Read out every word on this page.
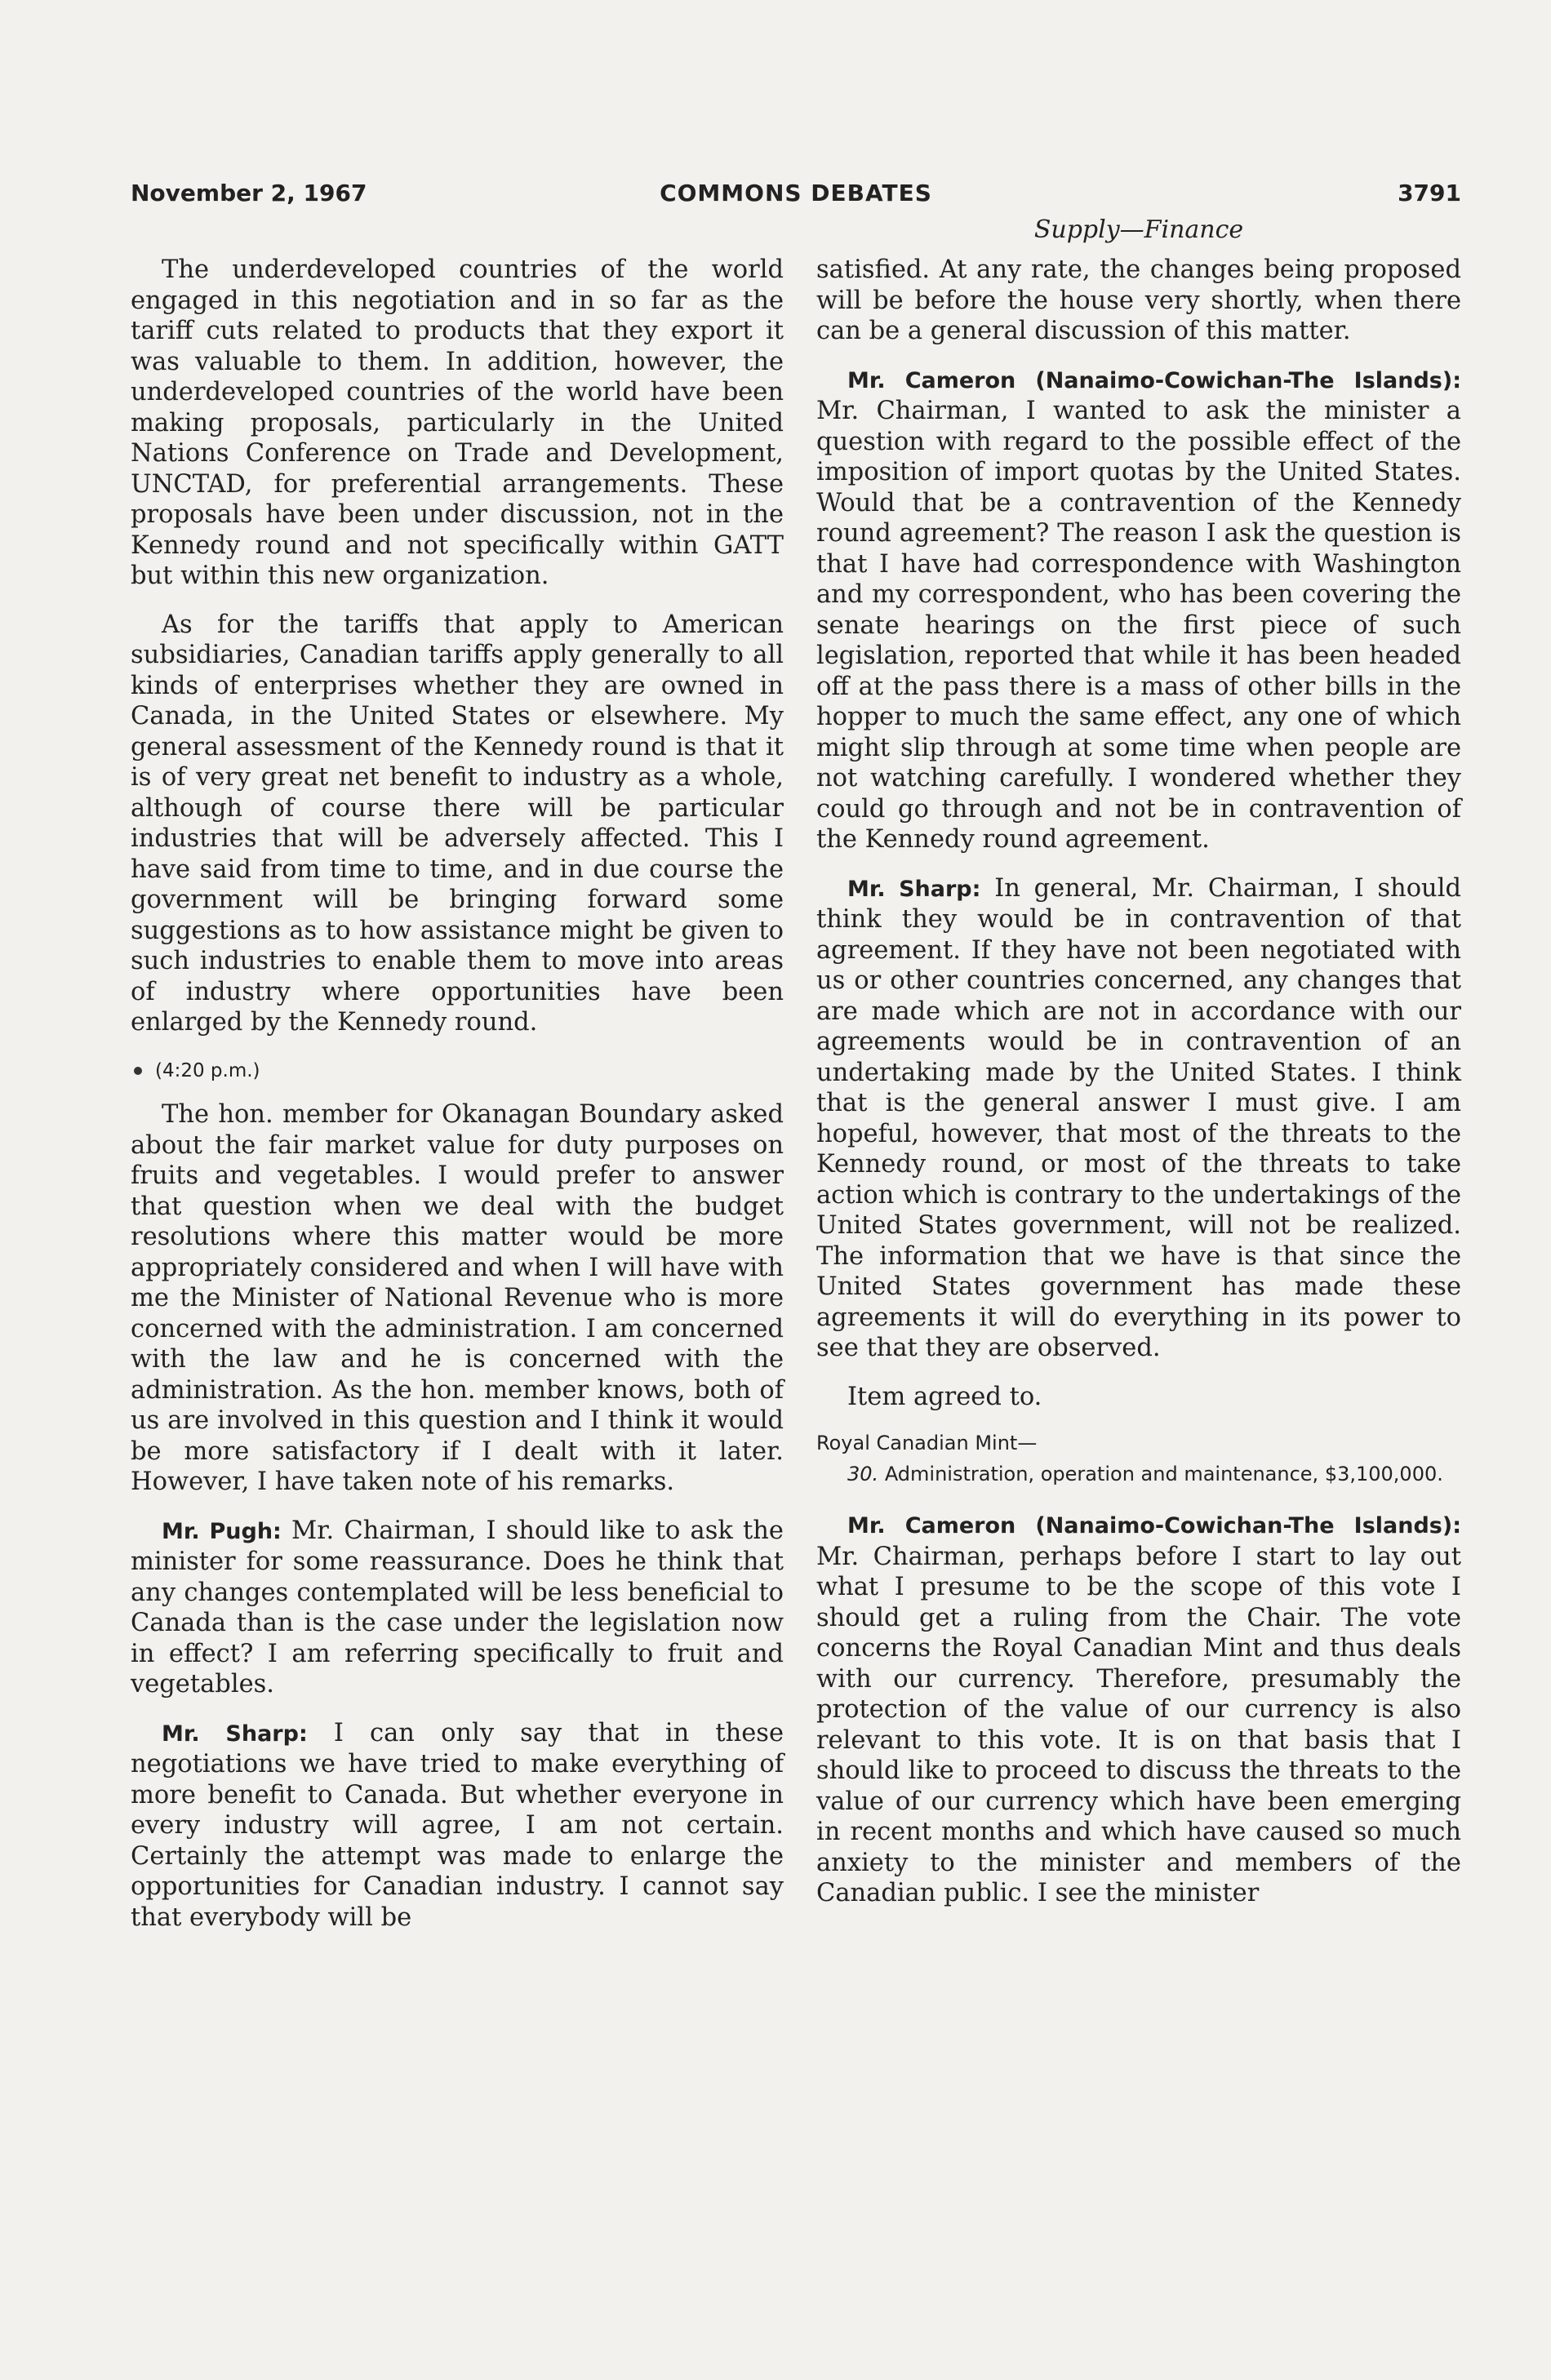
November 2, 1967	COMMONS DEBATES	3791
Supply—Finance

The underdeveloped countries of the world engaged in this negotiation and in so far as the tariff cuts related to products that they export it was valuable to them. In addition, however, the underdeveloped countries of the world have been making proposals, particularly in the United Nations Conference on Trade and Development, UNCTAD, for preferential arrangements. These proposals have been under discussion, not in the Kennedy round and not specifically within GATT but within this new organization.

As for the tariffs that apply to American subsidiaries, Canadian tariffs apply generally to all kinds of enterprises whether they are owned in Canada, in the United States or elsewhere. My general assessment of the Kennedy round is that it is of very great net benefit to industry as a whole, although of course there will be particular industries that will be adversely affected. This I have said from time to time, and in due course the government will be bringing forward some suggestions as to how assistance might be given to such industries to enable them to move into areas of industry where opportunities have been enlarged by the Kennedy round.

(4:20 p.m.)

The hon. member for Okanagan Boundary asked about the fair market value for duty purposes on fruits and vegetables. I would prefer to answer that question when we deal with the budget resolutions where this matter would be more appropriately considered and when I will have with me the Minister of National Revenue who is more concerned with the administration. I am concerned with the law and he is concerned with the administration. As the hon. member knows, both of us are involved in this question and I think it would be more satisfactory if I dealt with it later. However, I have taken note of his remarks.

Mr. Pugh: Mr. Chairman, I should like to ask the minister for some reassurance. Does he think that any changes contemplated will be less beneficial to Canada than is the case under the legislation now in effect? I am referring specifically to fruit and vegetables.

Mr. Sharp: I can only say that in these negotiations we have tried to make everything of more benefit to Canada. But whether everyone in every industry will agree, I am not certain. Certainly the attempt was made to enlarge the opportunities for Canadian industry. I cannot say that everybody will be

satisfied. At any rate, the changes being proposed will be before the house very shortly, when there can be a general discussion of this matter.

Mr. Cameron (Nanaimo-Cowichan-The Islands): Mr. Chairman, I wanted to ask the minister a question with regard to the possible effect of the imposition of import quotas by the United States. Would that be a contravention of the Kennedy round agreement? The reason I ask the question is that I have had correspondence with Washington and my correspondent, who has been covering the senate hearings on the first piece of such legislation, reported that while it has been headed off at the pass there is a mass of other bills in the hopper to much the same effect, any one of which might slip through at some time when people are not watching carefully. I wondered whether they could go through and not be in contravention of the Kennedy round agreement.

Mr. Sharp: In general, Mr. Chairman, I should think they would be in contravention of that agreement. If they have not been negotiated with us or other countries concerned, any changes that are made which are not in accordance with our agreements would be in contravention of an undertaking made by the United States. I think that is the general answer I must give. I am hopeful, however, that most of the threats to the Kennedy round, or most of the threats to take action which is contrary to the undertakings of the United States government, will not be realized. The information that we have is that since the United States government has made these agreements it will do everything in its power to see that they are observed.

Item agreed to.

Royal Canadian Mint—
30. Administration, operation and maintenance, $3,100,000.

Mr. Cameron (Nanaimo-Cowichan-The Islands): Mr. Chairman, perhaps before I start to lay out what I presume to be the scope of this vote I should get a ruling from the Chair. The vote concerns the Royal Canadian Mint and thus deals with our currency. Therefore, presumably the protection of the value of our currency is also relevant to this vote. It is on that basis that I should like to proceed to discuss the threats to the value of our currency which have been emerging in recent months and which have caused so much anxiety to the minister and members of the Canadian public. I see the minister
